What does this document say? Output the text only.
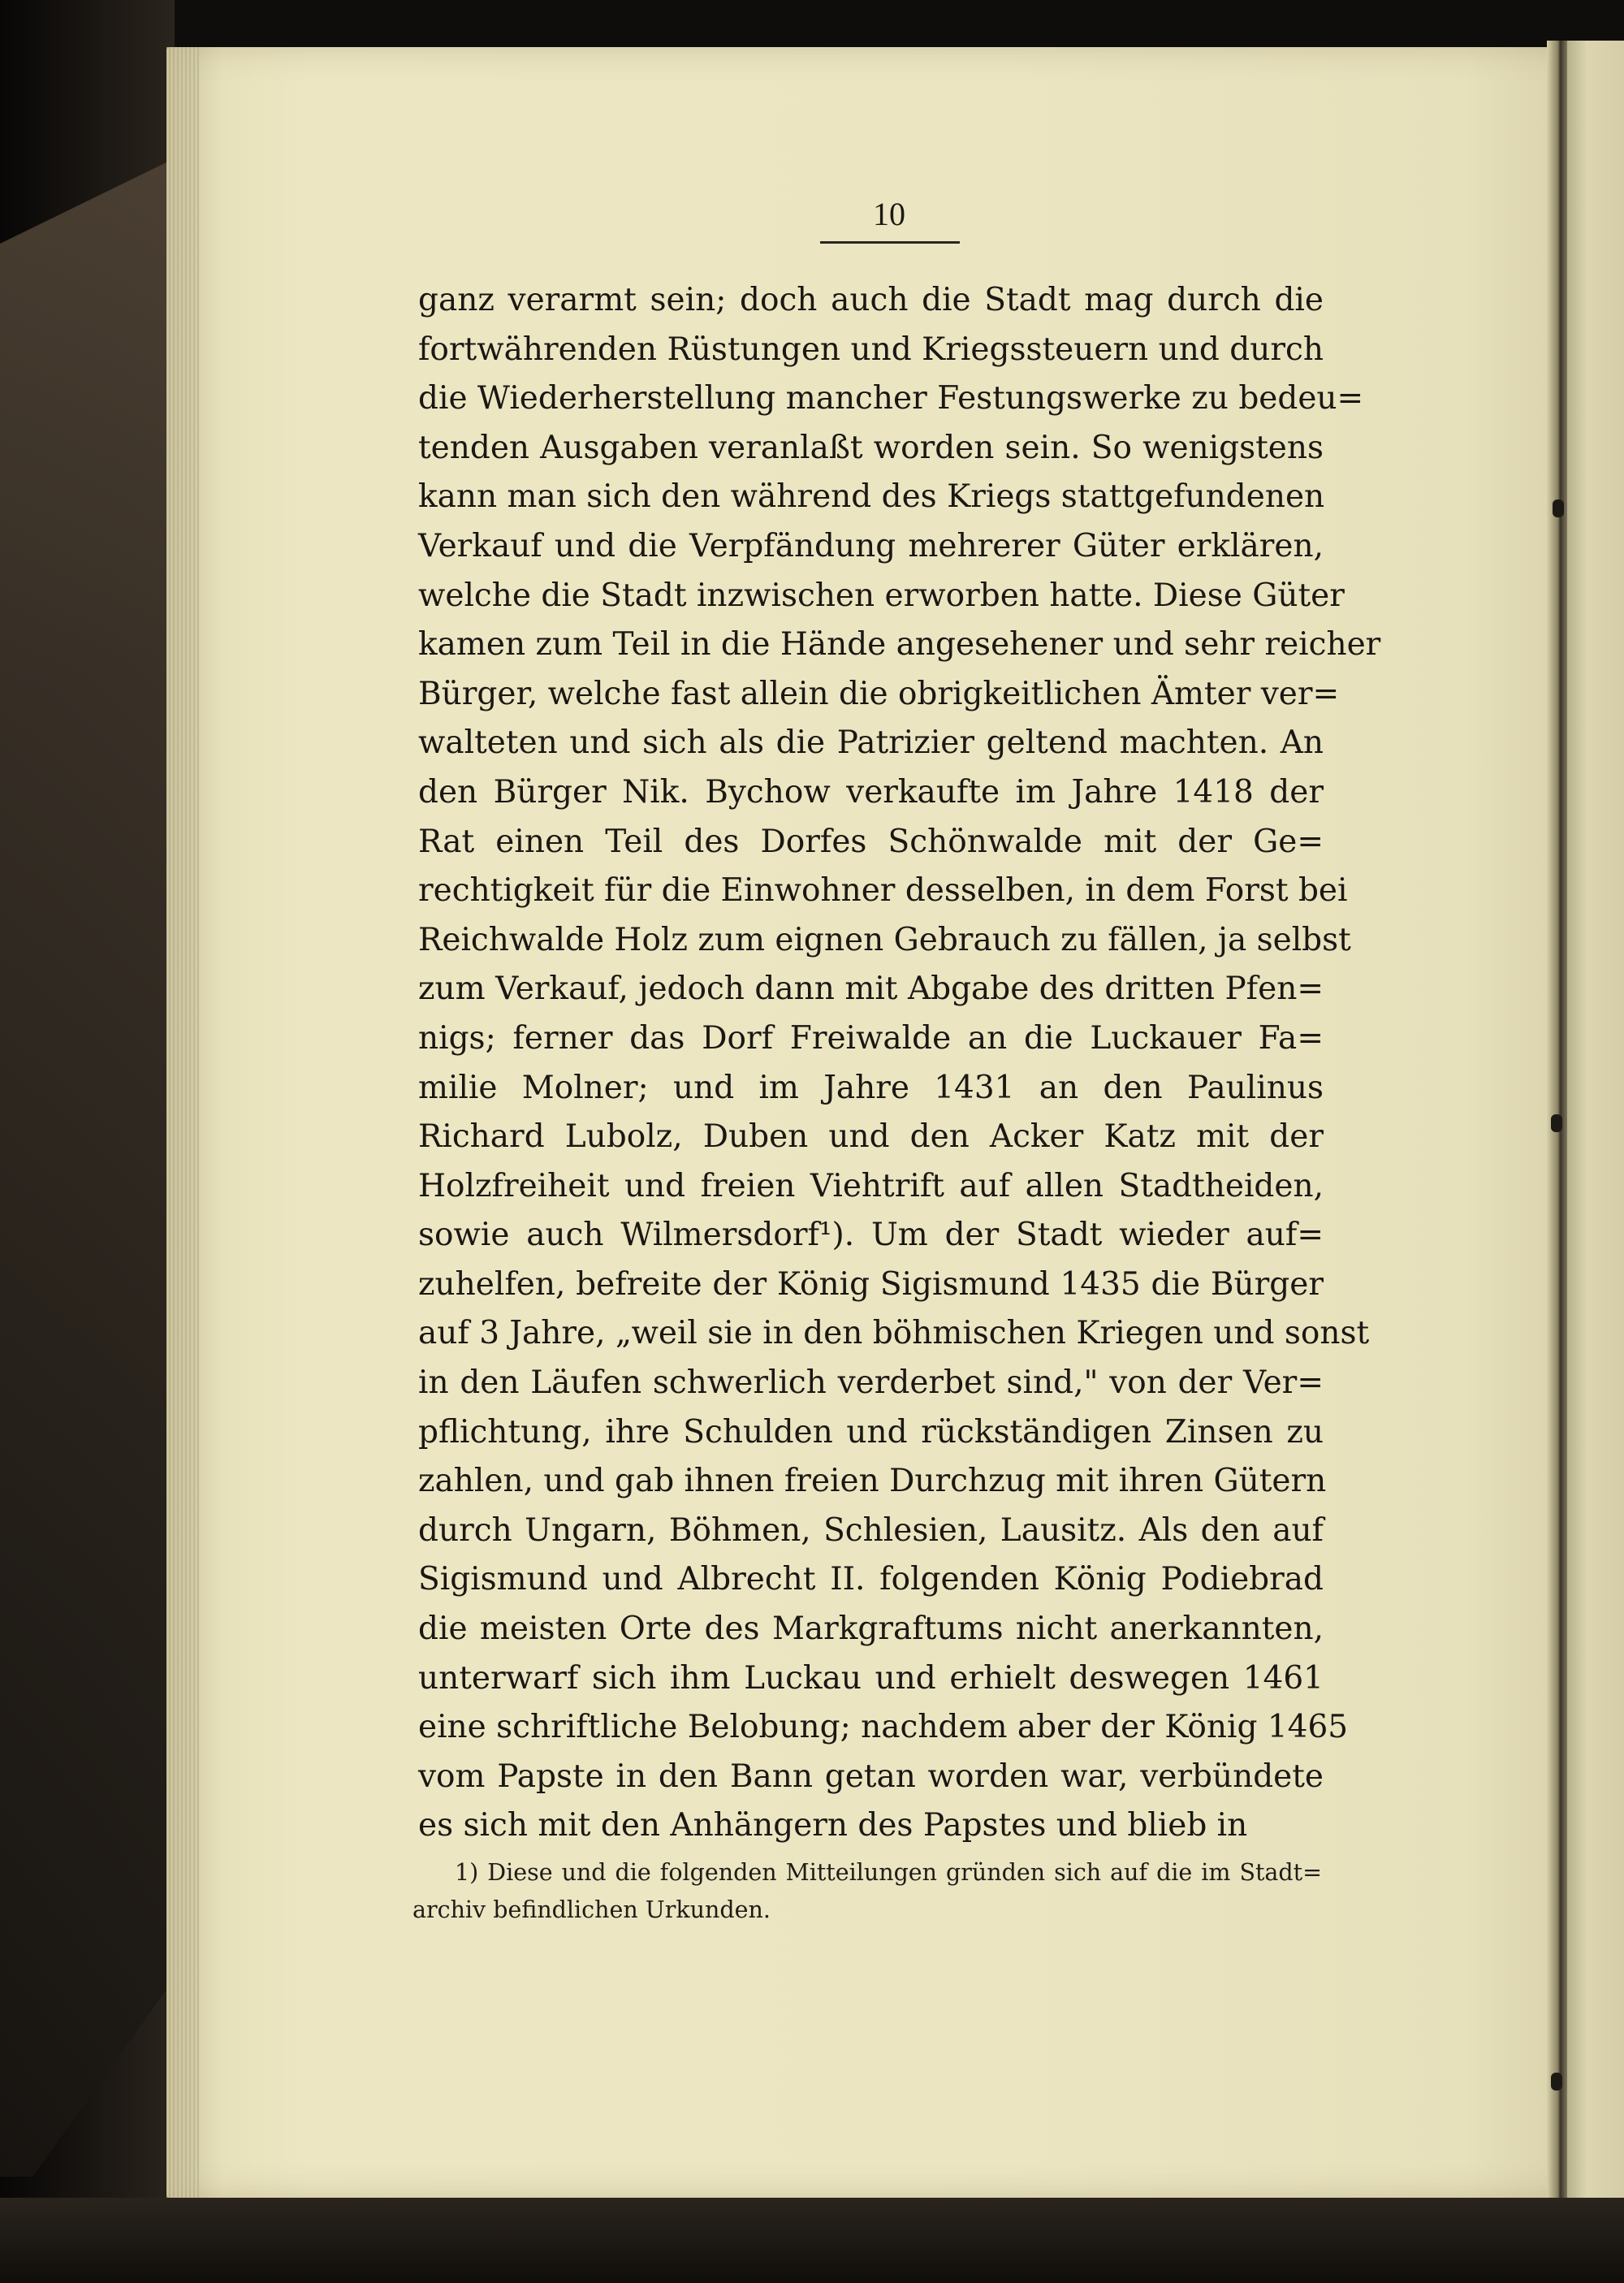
10
ganz verarmt sein; doch auch die Stadt mag durch die
fortwährenden Rüstungen und Kriegssteuern und durch
die Wiederherstellung mancher Festungswerke zu bedeu=
tenden Ausgaben veranlaßt worden sein. So wenigstens
kann man sich den während des Kriegs stattgefundenen
Verkauf und die Verpfändung mehrerer Güter erklären,
welche die Stadt inzwischen erworben hatte. Diese Güter
kamen zum Teil in die Hände angesehener und sehr reicher
Bürger, welche fast allein die obrigkeitlichen Ämter ver=
walteten und sich als die Patrizier geltend machten. An
den Bürger Nik. Bychow verkaufte im Jahre 1418 der
Rat einen Teil des Dorfes Schönwalde mit der Ge=
rechtigkeit für die Einwohner desselben, in dem Forst bei
Reichwalde Holz zum eignen Gebrauch zu fällen, ja selbst
zum Verkauf, jedoch dann mit Abgabe des dritten Pfen=
nigs; ferner das Dorf Freiwalde an die Luckauer Fa=
milie Molner; und im Jahre 1431 an den Paulinus
Richard Lubolz, Duben und den Acker Katz mit der
Holzfreiheit und freien Viehtrift auf allen Stadtheiden,
sowie auch Wilmersdorf¹). Um der Stadt wieder auf=
zuhelfen, befreite der König Sigismund 1435 die Bürger
auf 3 Jahre, „weil sie in den böhmischen Kriegen und sonst
in den Läufen schwerlich verderbet sind," von der Ver=
pflichtung, ihre Schulden und rückständigen Zinsen zu
zahlen, und gab ihnen freien Durchzug mit ihren Gütern
durch Ungarn, Böhmen, Schlesien, Lausitz. Als den auf
Sigismund und Albrecht II. folgenden König Podiebrad
die meisten Orte des Markgraftums nicht anerkannten,
unterwarf sich ihm Luckau und erhielt deswegen 1461
eine schriftliche Belobung; nachdem aber der König 1465
vom Papste in den Bann getan worden war, verbündete
es sich mit den Anhängern des Papstes und blieb in
1) Diese und die folgenden Mitteilungen gründen sich auf die im Stadt=
archiv befindlichen Urkunden.
